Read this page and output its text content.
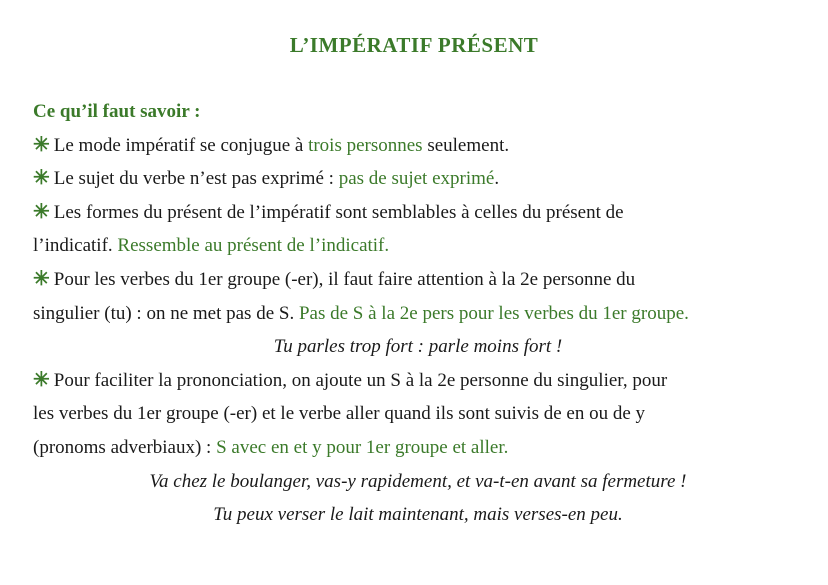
L’IMPÉRATIF PRÉSENT
Ce qu’il faut savoir :
✳ Le mode impératif se conjugue à trois personnes seulement.
✳ Le sujet du verbe n’est pas exprimé : pas de sujet exprimé.
✳ Les formes du présent de l’impératif sont semblables à celles du présent de
l’indicatif. Ressemble au présent de l’indicatif.
✳ Pour les verbes du 1er groupe (-er), il faut faire attention à la 2e personne du
singulier (tu) : on ne met pas de S. Pas de S à la 2e pers pour les verbes du 1er groupe.
Tu parles trop fort : parle moins fort !
✳ Pour faciliter la prononciation, on ajoute un S à la 2e personne du singulier, pour
les verbes du 1er groupe (-er) et le verbe aller quand ils sont suivis de en ou de y
(pronoms adverbiaux) : S avec en et y pour 1er groupe et aller.
Va chez le boulanger, vas-y rapidement, et va-t-en avant sa fermeture !
Tu peux verser le lait maintenant, mais verses-en peu.
